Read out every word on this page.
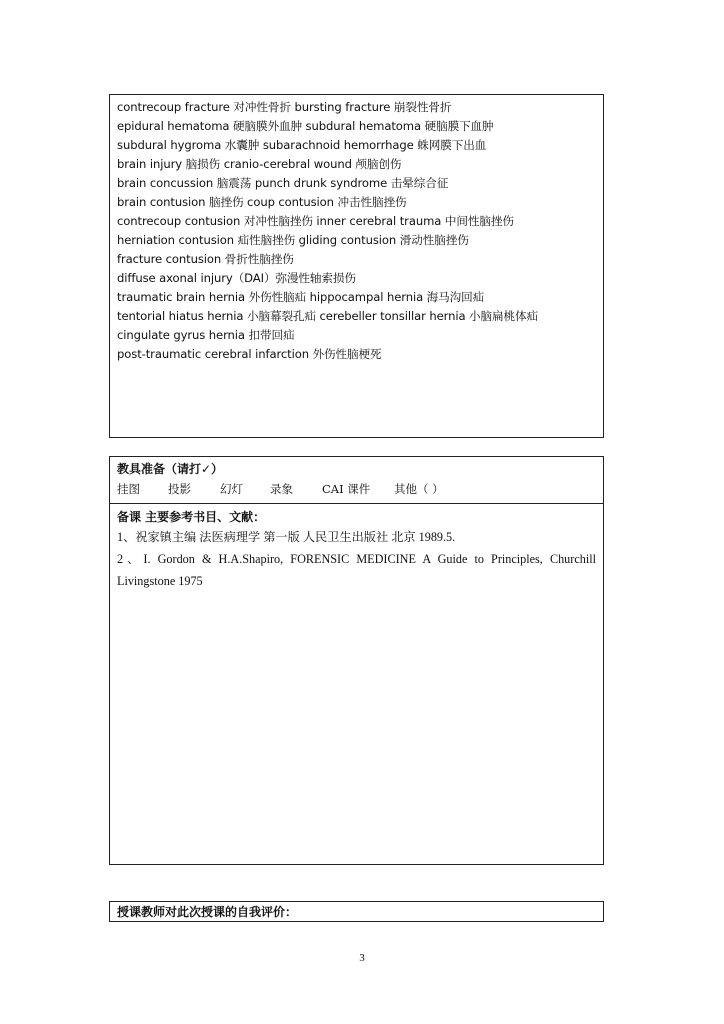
contrecoup fracture 对冲性骨折 bursting fracture 崩裂性骨折
epidural hematoma 硬脑膜外血肿 subdural hematoma 硬脑膜下血肿
subdural hygroma 水囊肿 subarachnoid hemorrhage 蛛网膜下出血
brain injury 脑损伤 cranio-cerebral wound 颅脑创伤
brain concussion 脑震荡 punch drunk syndrome 击晕综合征
brain contusion 脑挫伤 coup contusion 冲击性脑挫伤
contrecoup contusion 对冲性脑挫伤 inner cerebral trauma 中间性脑挫伤
herniation contusion 疝性脑挫伤 gliding contusion 滑动性脑挫伤
fracture contusion 骨折性脑挫伤
diffuse axonal injury（DAI）弥漫性轴索损伤
traumatic brain hernia 外伤性脑疝 hippocampal hernia 海马沟回疝
tentorial hiatus hernia 小脑幕裂孔疝 cerebeller tonsillar hernia 小脑扁桃体疝
cingulate gyrus hernia 扣带回疝
post-traumatic cerebral infarction 外伤性脑梗死
教具准备（请打✓）
挂图 投影	幻灯 录象	CAI 课件 其他（ ）
备课 主要参考书目、文献：
1、祝家镇主编 法医病理学 第一版 人民卫生出版社 北京 1989.5.
2、I. Gordon & H.A.Shapiro, FORENSIC MEDICINE A Guide to Principles, Churchill Livingstone 1975
授课教师对此次授课的自我评价：
3
